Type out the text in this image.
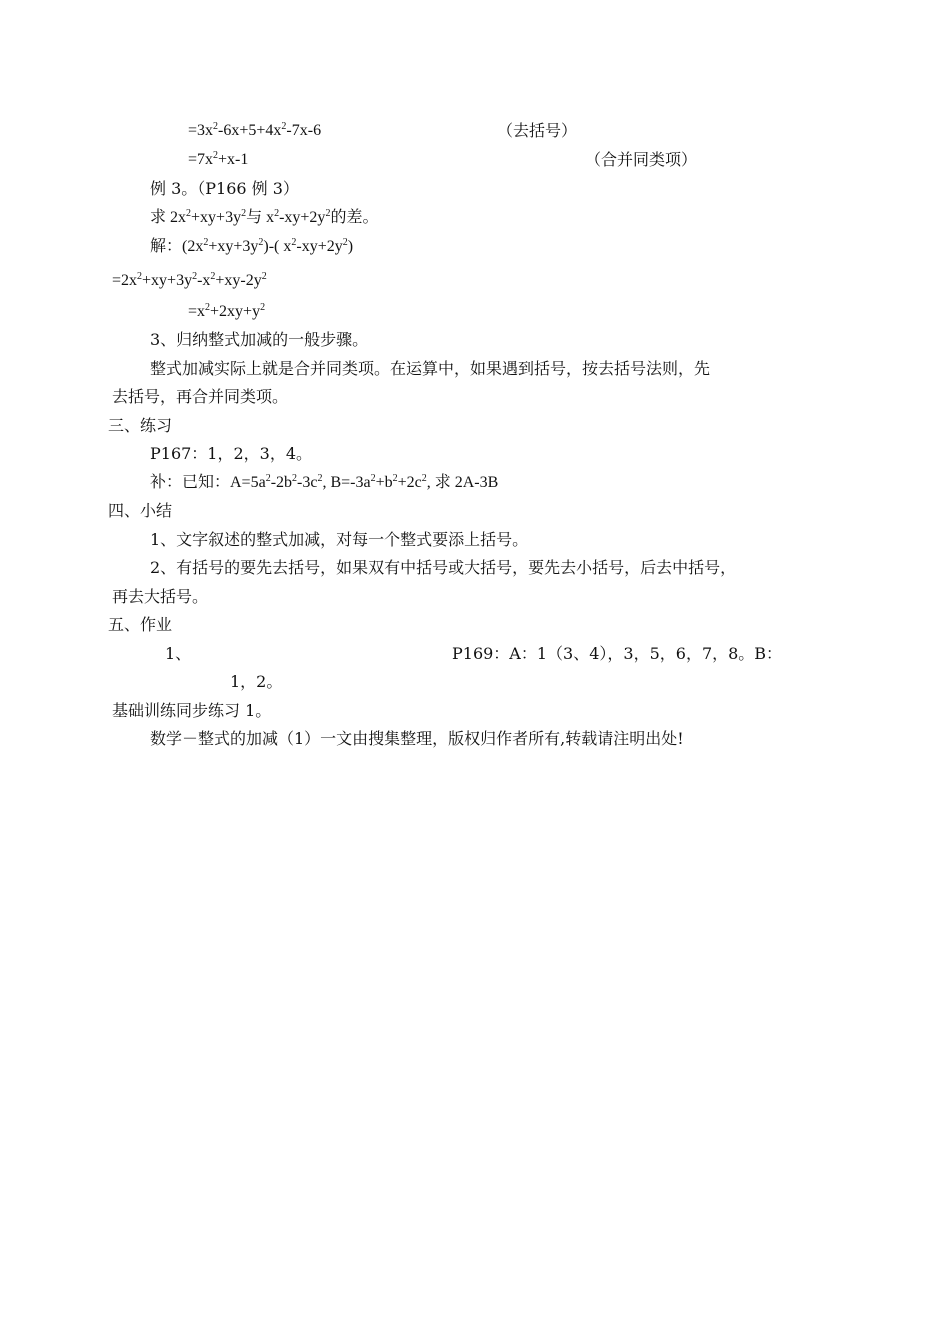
$=3x^2-6x+5+4x^2-7x-6$	（去括号）
$=7x^2+x-1$	（合并同类项）
例 3。（P166 例 3）
求 $2x^2+xy+3y^2$与 $x^2-xy+2y^2$的差。
解：$(2x^2+xy+3y^2)-$( $x^2-xy+2y^2$)
$=2x^2+xy+3y^2-x^2+xy-2y^2$
$=x^2+2xy+y^2$
3、归纳整式加减的一般步骤。
整式加减实际上就是合并同类项。在运算中，如果遇到括号，按去括号法则，先
去括号，再合并同类项。
三、练习
P167：1，2，3，4。
补：已知：$A=5a^2-2b^2-3c^2$, $B=-3a^2+b^2+2c^2$, 求 2A-3B
四、小结
1、文字叙述的整式加减，对每一个整式要添上括号。
2、有括号的要先去括号，如果双有中括号或大括号，要先去小括号，后去中括号，
再去大括号。
五、作业
1、	P169：A：1（3、4），3，5，6，7，8。B：
1，2。
基础训练同步练习 1。
数学－整式的加减（1）一文由搜集整理，版权归作者所有,转载请注明出处!
